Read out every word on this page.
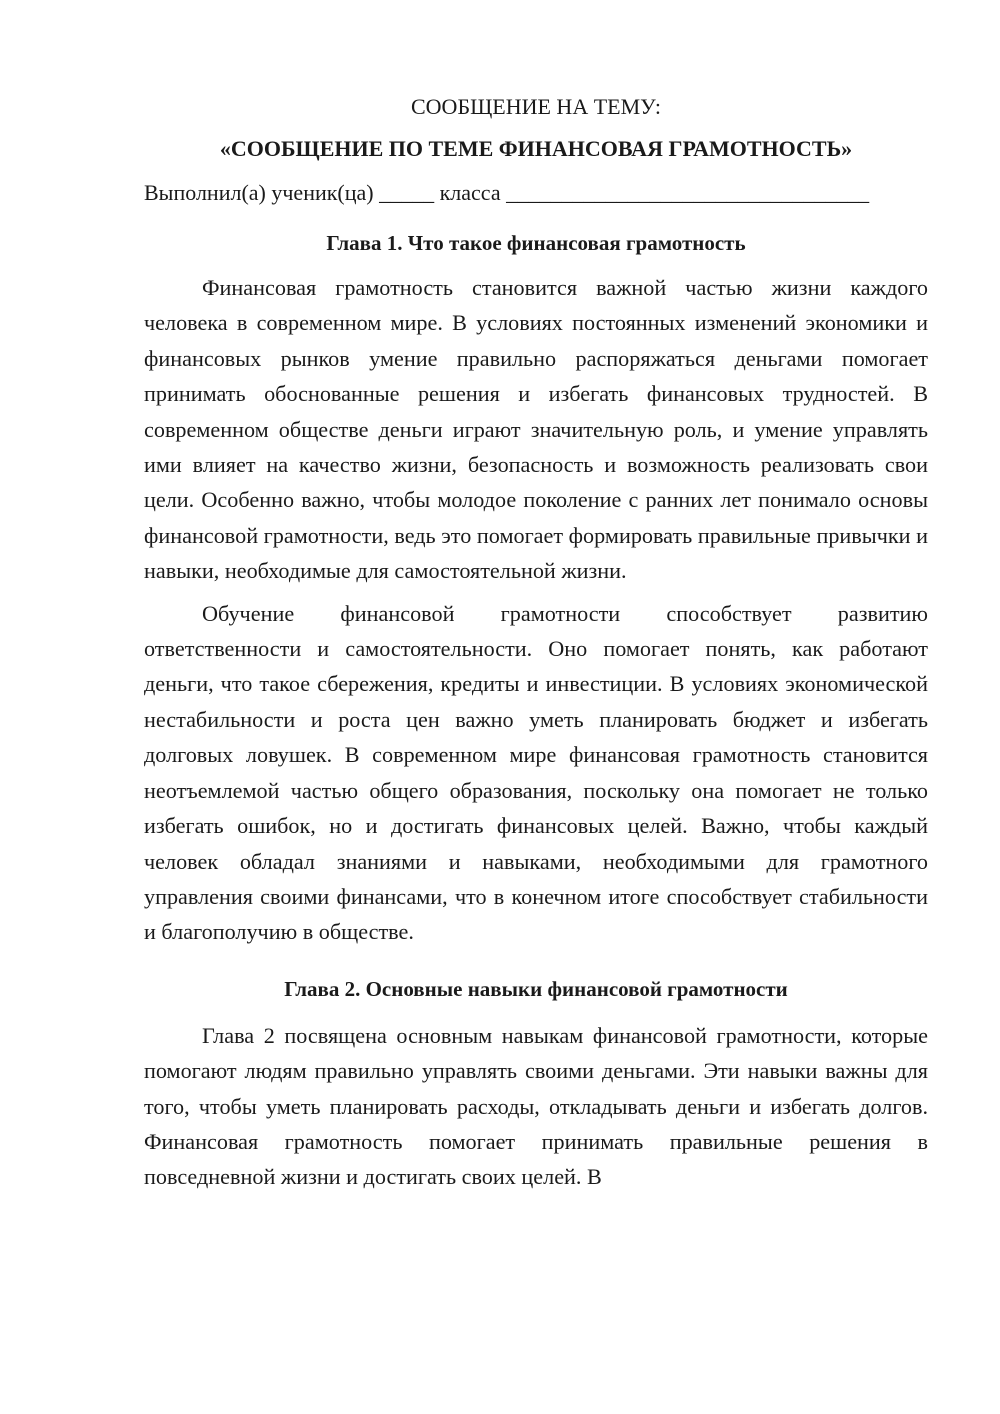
СООБЩЕНИЕ НА ТЕМУ:

«СООБЩЕНИЕ ПО ТЕМЕ ФИНАНСОВАЯ ГРАМОТНОСТЬ»

Выполнил(а) ученик(ца) _____ класса _________________________________

Глава 1. Что такое финансовая грамотность

Финансовая грамотность становится важной частью жизни каждого человека в современном мире. В условиях постоянных изменений экономики и финансовых рынков умение правильно распоряжаться деньгами помогает принимать обоснованные решения и избегать финансовых трудностей. В современном обществе деньги играют значительную роль, и умение управлять ими влияет на качество жизни, безопасность и возможность реализовать свои цели. Особенно важно, чтобы молодое поколение с ранних лет понимало основы финансовой грамотности, ведь это помогает формировать правильные привычки и навыки, необходимые для самостоятельной жизни.

Обучение финансовой грамотности способствует развитию ответственности и самостоятельности. Оно помогает понять, как работают деньги, что такое сбережения, кредиты и инвестиции. В условиях экономической нестабильности и роста цен важно уметь планировать бюджет и избегать долговых ловушек. В современном мире финансовая грамотность становится неотъемлемой частью общего образования, поскольку она помогает не только избегать ошибок, но и достигать финансовых целей. Важно, чтобы каждый человек обладал знаниями и навыками, необходимыми для грамотного управления своими финансами, что в конечном итоге способствует стабильности и благополучию в обществе.

Глава 2. Основные навыки финансовой грамотности

Глава 2 посвящена основным навыкам финансовой грамотности, которые помогают людям правильно управлять своими деньгами. Эти навыки важны для того, чтобы уметь планировать расходы, откладывать деньги и избегать долгов. Финансовая грамотность помогает принимать правильные решения в повседневной жизни и достигать своих целей. В
